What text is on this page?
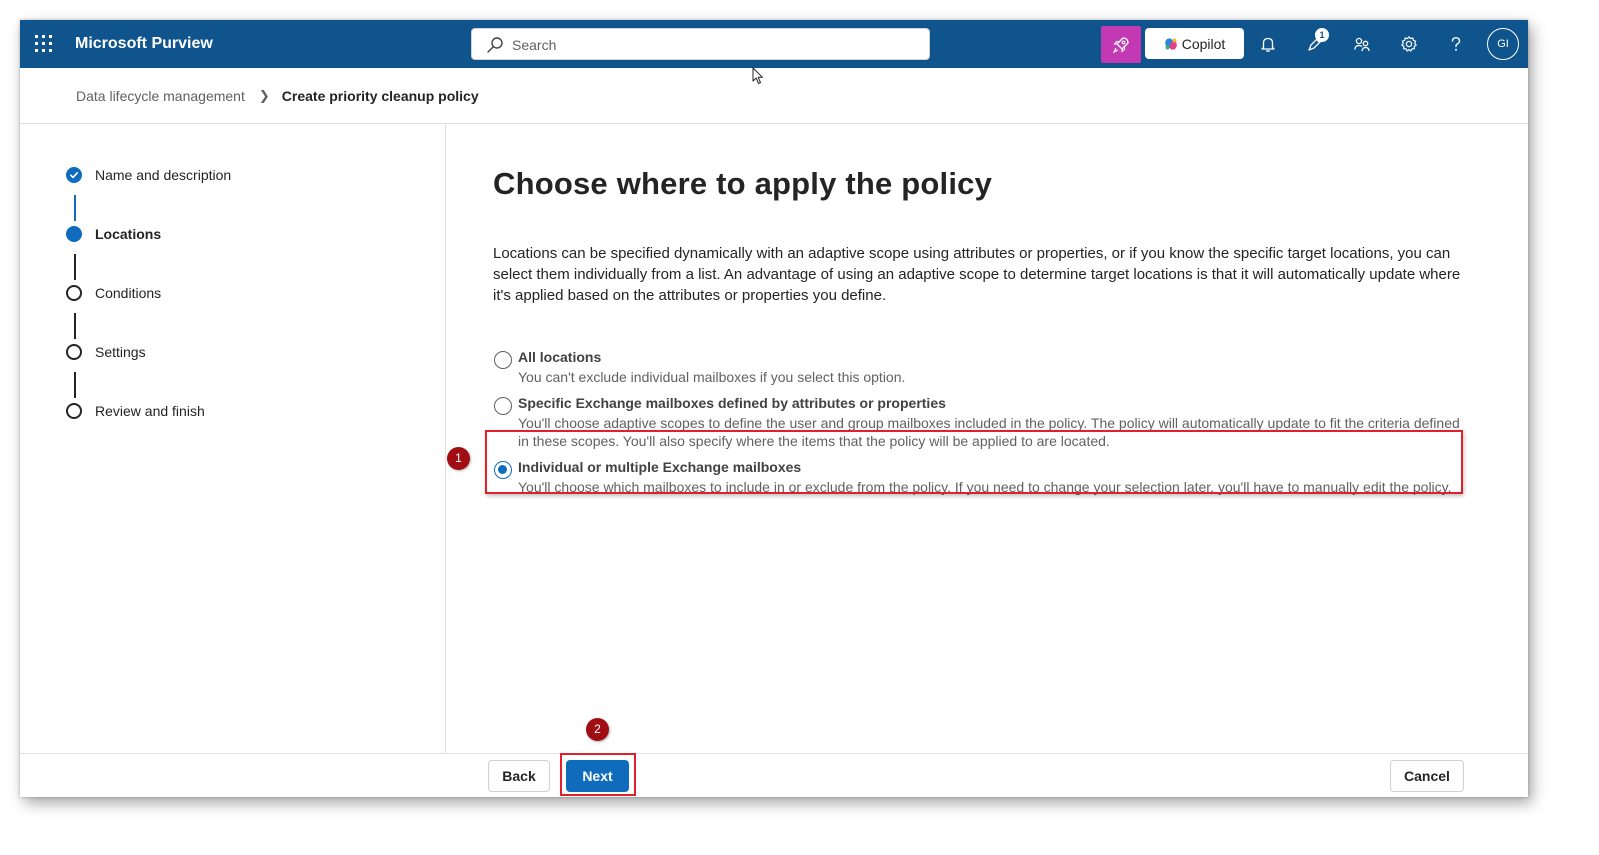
Microsoft Purview
Search	Copilot
1
GI
Data lifecycle management ❯ Create priority cleanup policy
Name and description
Locations
Conditions
Settings
Review and finish
Choose where to apply the policy

Locations can be specified dynamically with an adaptive scope using attributes or properties, or if you know the specific target locations, you can select them individually from a list. An advantage of using an adaptive scope to determine target locations is that it will automatically update where it's applied based on the attributes or properties you define.

All locations
You can't exclude individual mailboxes if you select this option.
Specific Exchange mailboxes defined by attributes or properties
You'll choose adaptive scopes to define the user and group mailboxes included in the policy. The policy will automatically update to fit the criteria defined in these scopes. You'll also specify where the items that the policy will be applied to are located.
Individual or multiple Exchange mailboxes
You'll choose which mailboxes to include in or exclude from the policy. If you need to change your selection later, you'll have to manually edit the policy.
1
2
Back	Next	Cancel
